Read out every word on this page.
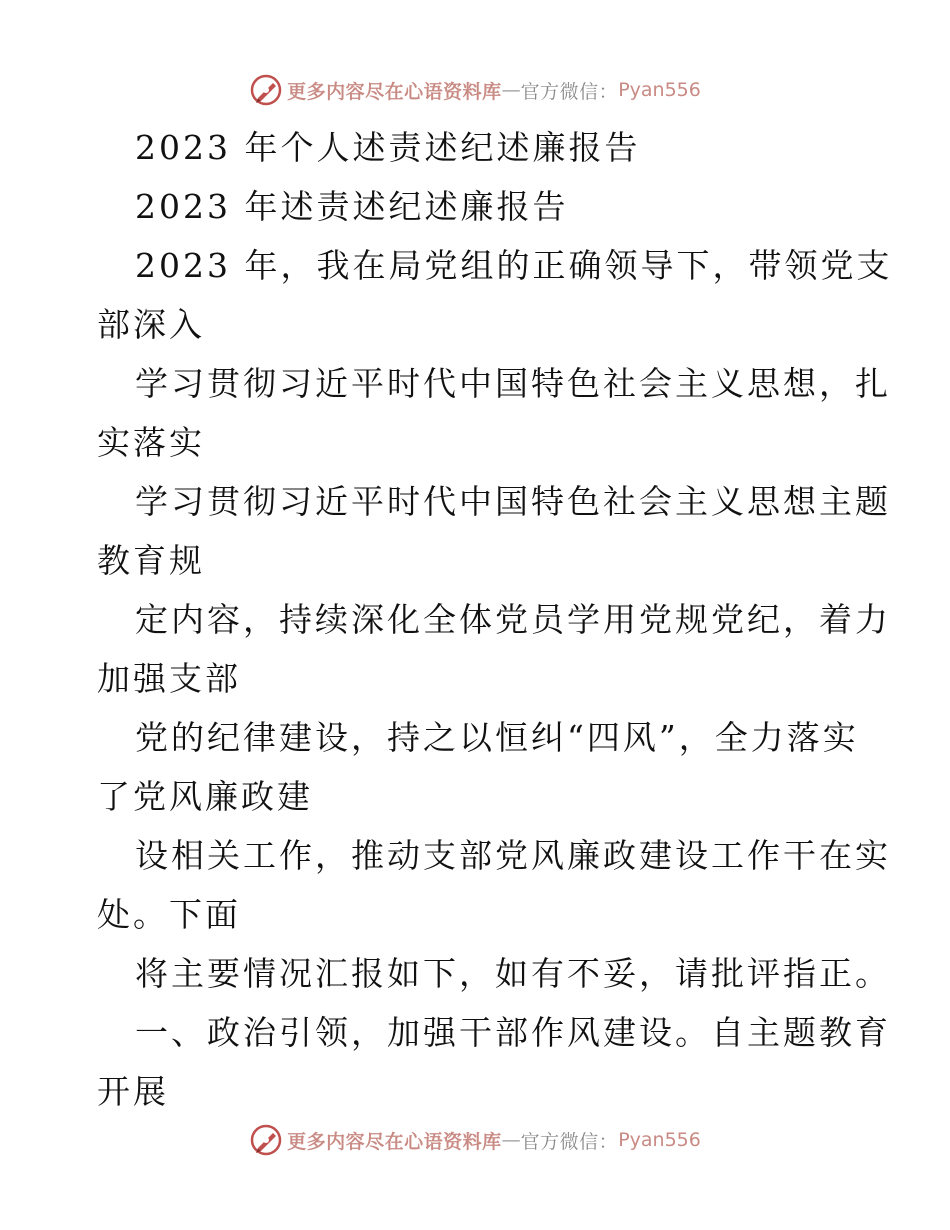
更多内容尽在心语资料库 — 官方微信： Pyan556
2023 年个人述责述纪述廉报告
2023 年述责述纪述廉报告
2023 年，我在局党组的正确领导下，带领党支
部深入
学习贯彻习近平时代中国特色社会主义思想，扎
实落实
学习贯彻习近平时代中国特色社会主义思想主题
教育规
定内容，持续深化全体党员学用党规党纪，着力
加强支部
党的纪律建设，持之以恒纠“四风”，全力落实
了党风廉政建
设相关工作，推动支部党风廉政建设工作干在实
处。下面
将主要情况汇报如下，如有不妥，请批评指正。
一、政治引领，加强干部作风建设。自主题教育
开展
更多内容尽在心语资料库 — 官方微信： Pyan556
